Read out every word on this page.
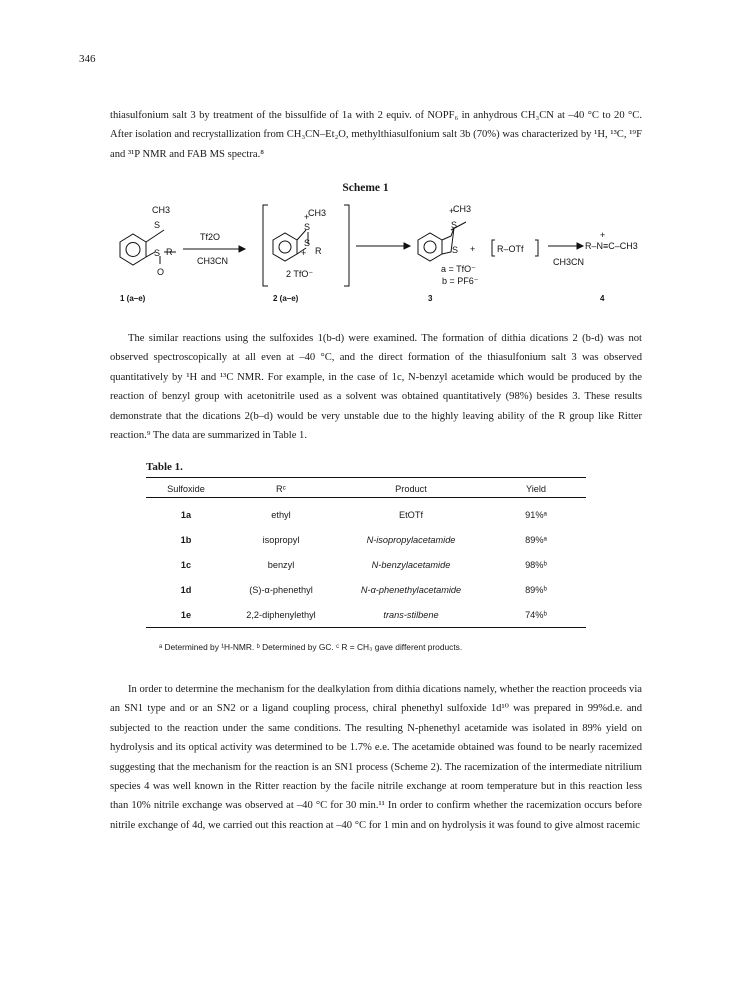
346

thiasulfonium salt 3 by treatment of the bissulfide of 1a with 2 equiv. of NOPF₆ in anhydrous CH₃CN at –40 °C to 20 °C. After isolation and recrystallization from CH₃CN–Et₂O, methylthiasulfonium salt 3b (70%) was characterized by ¹H, ¹³C, ¹⁹F and ³¹P NMR and FAB MS spectra.⁸

Scheme 1
CH3
S
S R
O
Tf2O
CH3CN
1 (a–e)
+
CH3
S
S
R
+
2 TfO⁻
2 (a–e)
+
CH3
S
S + R–OTf
a = TfO⁻
b = PF6⁻
3
CH3CN
R–N≡C–CH3
+
4

The similar reactions using the sulfoxides 1(b-d) were examined. The formation of dithia dications 2 (b-d) was not observed spectroscopically at all even at –40 °C, and the direct formation of the thiasulfonium salt 3 was observed quantitatively by ¹H and ¹³C NMR. For example, in the case of 1c, N-benzyl acetamide which would be produced by the reaction of benzyl group with acetonitrile used as a solvent was obtained quantitatively (98%) besides 3. These results demonstrate that the dications 2(b–d) would be very unstable due to the highly leaving ability of the R group like Ritter reaction.⁹ The data are summarized in Table 1.

Table 1.
Sulfoxide	Rᶜ	Product	Yield
1a	ethyl	EtOTf	91%ᵃ
1b	isopropyl	N-isopropylacetamide	89%ᵃ
1c	benzyl	N-benzylacetamide	98%ᵇ
1d	(S)-α-phenethyl	N-α-phenethylacetamide	89%ᵇ
1e	2,2-diphenylethyl	trans-stilbene	74%ᵇ
ᵃ Determined by ¹H-NMR. ᵇ Determined by GC. ᶜ R = CH₃ gave different products.

In order to determine the mechanism for the dealkylation from dithia dications namely, whether the reaction proceeds via an SN1 type and or an SN2 or a ligand coupling process, chiral phenethyl sulfoxide 1d¹⁰ was prepared in 99%d.e. and subjected to the reaction under the same conditions. The resulting N-phenethyl acetamide was isolated in 89% yield on hydrolysis and its optical activity was determined to be 1.7% e.e. The acetamide obtained was found to be nearly racemized suggesting that the mechanism for the reaction is an SN1 process (Scheme 2). The racemization of the intermediate nitrilium species 4 was well known in the Ritter reaction by the facile nitrile exchange at room temperature but in this reaction less than 10% nitrile exchange was observed at –40 °C for 30 min.¹¹ In order to confirm whether the racemization occurs before nitrile exchange of 4d, we carried out this reaction at –40 °C for 1 min and on hydrolysis it was found to give almost racemic
